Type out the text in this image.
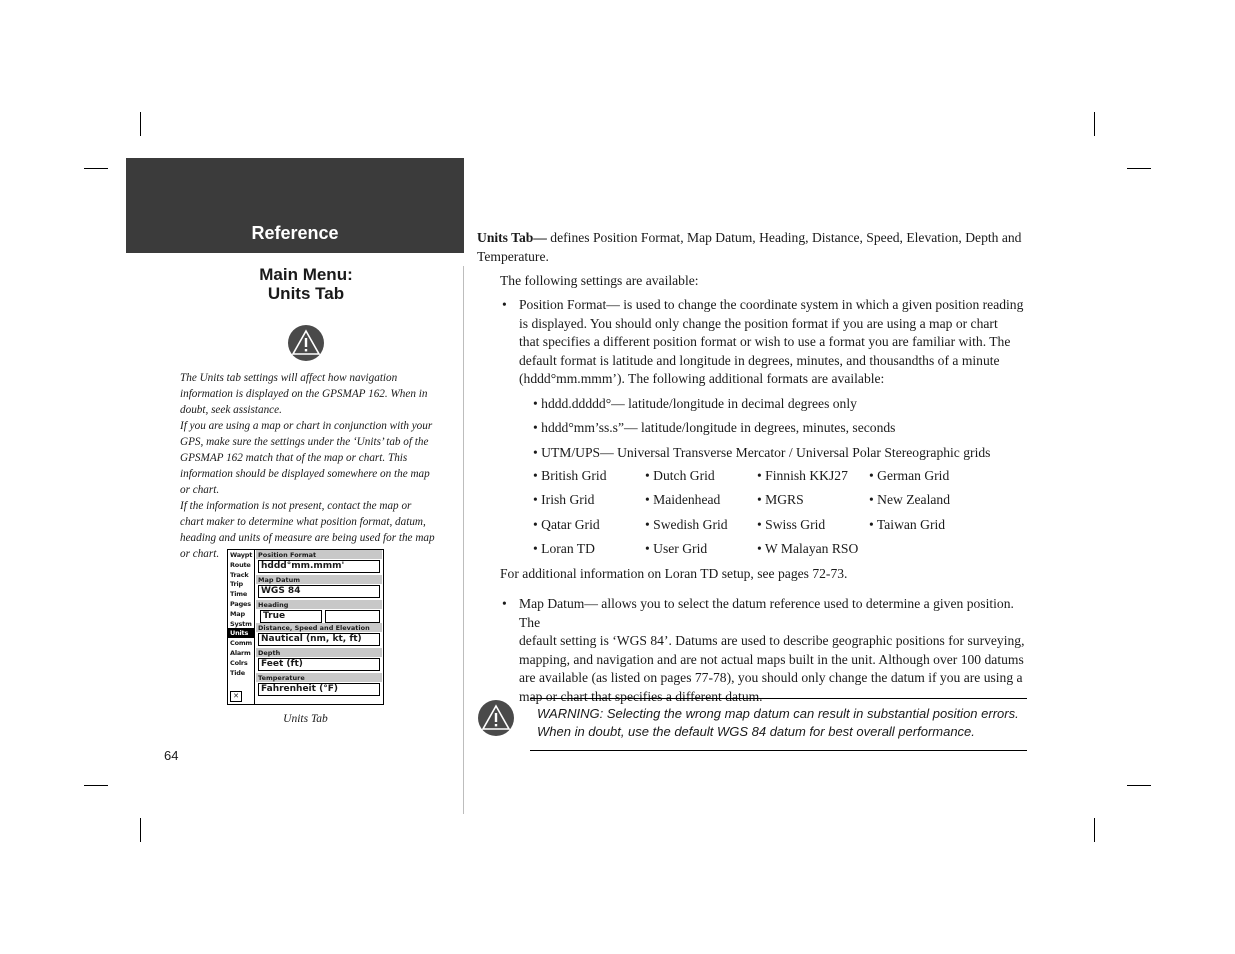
Reference
Main Menu:
Units Tab

The Units tab settings will affect how navigation information is displayed on the GPSMAP 162. When in doubt, seek assistance.

If you are using a map or chart in conjunction with your GPS, make sure the settings under the ‘Units’ tab of the GPSMAP 162 match that of the map or chart. This information should be displayed somewhere on the map or chart.

If the information is not present, contact the map or chart maker to determine what position format, datum, heading and units of measure are being used for the map or chart.	Waypt
Route
Track
Trip
Time
Pages
Map
Systm
Units
Comm
Alarm
Colrs
Tide
✕
Position Format
hddd°mm.mmm'
Map Datum
WGS 84
Heading
True
Distance, Speed and Elevation
Nautical (nm, kt, ft)
Depth
Feet (ft)
Temperature
Fahrenheit (°F)
Units Tab
64
Units Tab— defines Position Format, Map Datum, Heading, Distance, Speed, Elevation, Depth and
Temperature.
The following settings are available:
• Position Format— is used to change the coordinate system in which a given position reading
is displayed. You should only change the position format if you are using a map or chart
that specifies a different position format or wish to use a format you are familiar with. The
default format is latitude and longitude in degrees, minutes, and thousandths of a minute
(hddd°mm.mmm’). The following additional formats are available:
• hddd.ddddd°— latitude/longitude in decimal degrees only
• hddd°mm’ss.s”— latitude/longitude in degrees, minutes, seconds
• UTM/UPS— Universal Transverse Mercator / Universal Polar Stereographic grids
• British Grid	• Dutch Grid	• Finnish KKJ27 • German Grid
• Irish Grid	• Maidenhead	• MGRS	• New Zealand
• Qatar Grid	• Swedish Grid • Swiss Grid	• Taiwan Grid
• Loran TD	• User Grid	• W Malayan RSO
For additional information on Loran TD setup, see pages 72-73.
• Map Datum— allows you to select the datum reference used to determine a given position. The
default setting is ‘WGS 84’. Datums are used to describe geographic positions for surveying,
mapping, and navigation and are not actual maps built in the unit. Although over 100 datums
are available (as listed on pages 77-78), you should only change the datum if you are using a
map or chart that specifies a different datum.
WARNING: Selecting the wrong map datum can result in substantial position errors.
When in doubt, use the default WGS 84 datum for best overall performance.
